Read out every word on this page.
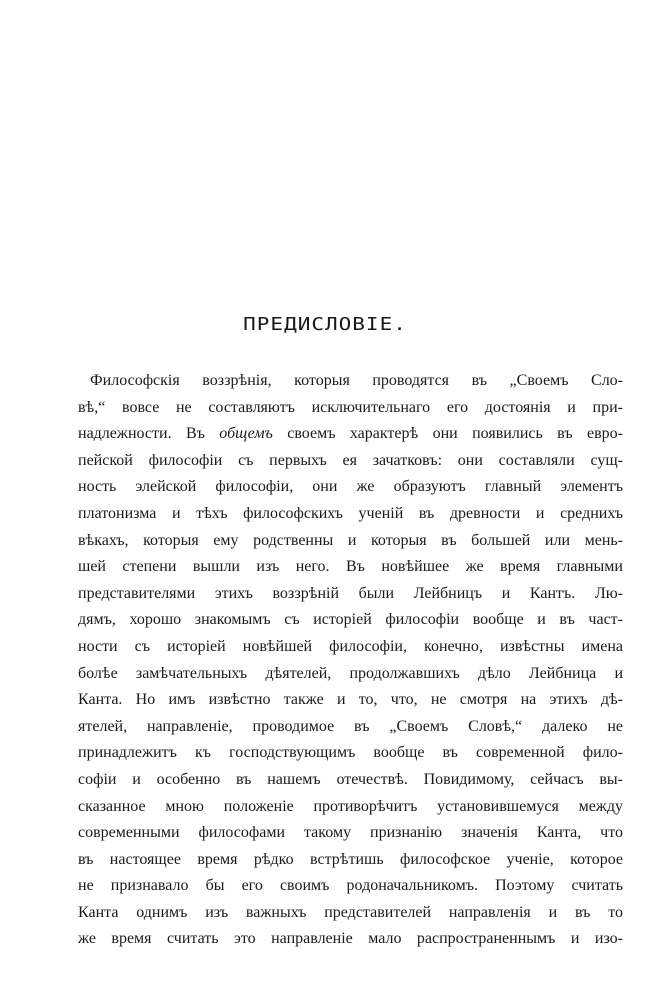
ПРЕДИСЛОВІЕ.
Философскія воззрѣнія, которыя проводятся въ „Своемъ Сло-
вѣ,“ вовсе не составляютъ исключительнаго его достоянія и при-
надлежности. Въ общемъ своемъ характерѣ они появились въ евро-
пейской философіи съ первыхъ ея зачатковъ: они составляли сущ-
ность элейской философіи, они же образуютъ главный элементъ
платонизма и тѣхъ философскихъ ученій въ древности и среднихъ
вѣкахъ, которыя ему родственны и которыя въ большей или мень-
шей степени вышли изъ него. Въ новѣйшее же время главными
представителями этихъ воззрѣній были Лейбницъ и Кантъ. Лю-
дямъ, хорошо знакомымъ съ исторіей философіи вообще и въ част-
ности съ исторіей новѣйшей философіи, конечно, извѣстны имена
болѣе замѣчательныхъ дѣятелей, продолжавшихъ дѣло Лейбница и
Канта. Но имъ извѣстно также и то, что, не смотря на этихъ дѣ-
ятелей, направленіе, проводимое въ „Своемъ Словѣ,“ далеко не
принадлежитъ къ господствующимъ вообще въ современной фило-
софіи и особенно въ нашемъ отечествѣ. Повидимому, сейчасъ вы-
сказанное мною положеніе противорѣчитъ установившемуся между
современными философами такому признанію значенія Канта, что
въ настоящее время рѣдко встрѣтишь философское ученіе, которое
не признавало бы его своимъ родоначальникомъ. Поэтому считать
Канта однимъ изъ важныхъ представителей направленія и въ то
же время считать это направленіе мало распространеннымъ и изо-
